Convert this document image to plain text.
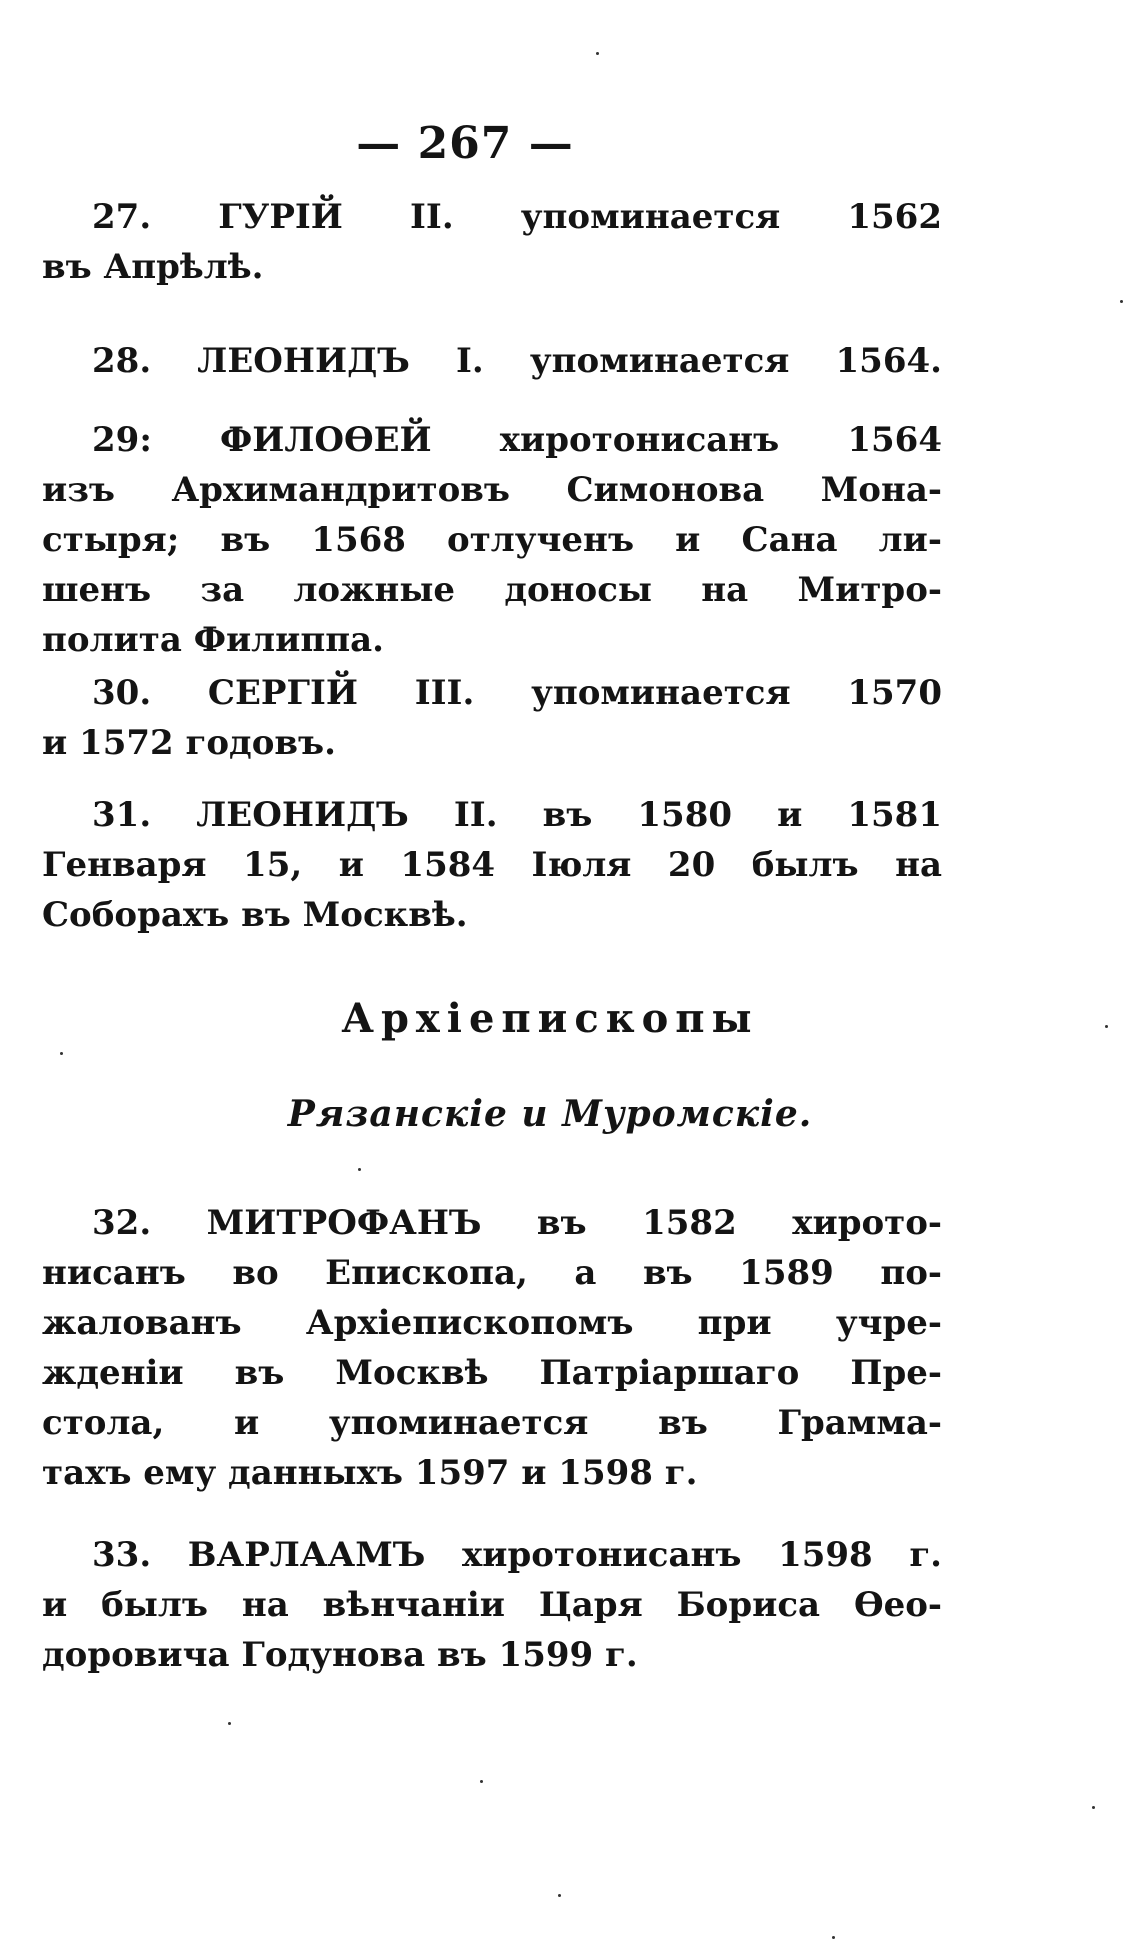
— 267 —
27. ГУРІЙ II. упоминается 1562
въ Апрѣлѣ.
28. ЛЕОНИДЪ I. упоминается 1564.
29: ФИЛОѲЕЙ хиротонисанъ 1564
изъ Архимандритовъ Симонова Мона-
стыря; въ 1568 отлученъ и Сана ли-
шенъ за ложные доносы на Митро-
полита Филиппа.
30. СЕРГІЙ III. упоминается 1570
и 1572 годовъ.
31. ЛЕОНИДЪ II. въ 1580 и 1581
Генваря 15, и 1584 Іюля 20 былъ на
Соборахъ въ Москвѣ.
Архіепископы
Рязанскіе и Муромскіе.
32. МИТРОФАНЪ въ 1582 хирото-
нисанъ во Епископа, а въ 1589 по-
жалованъ Архіепископомъ при учре-
жденіи въ Москвѣ Патріаршаго Пре-
стола, и упоминается въ Грамма-
тахъ ему данныхъ 1597 и 1598 г.
33. ВАРЛААМЪ хиротонисанъ 1598 г.
и былъ на вѣнчаніи Царя Бориса Ѳео-
доровича Годунова въ 1599 г.
